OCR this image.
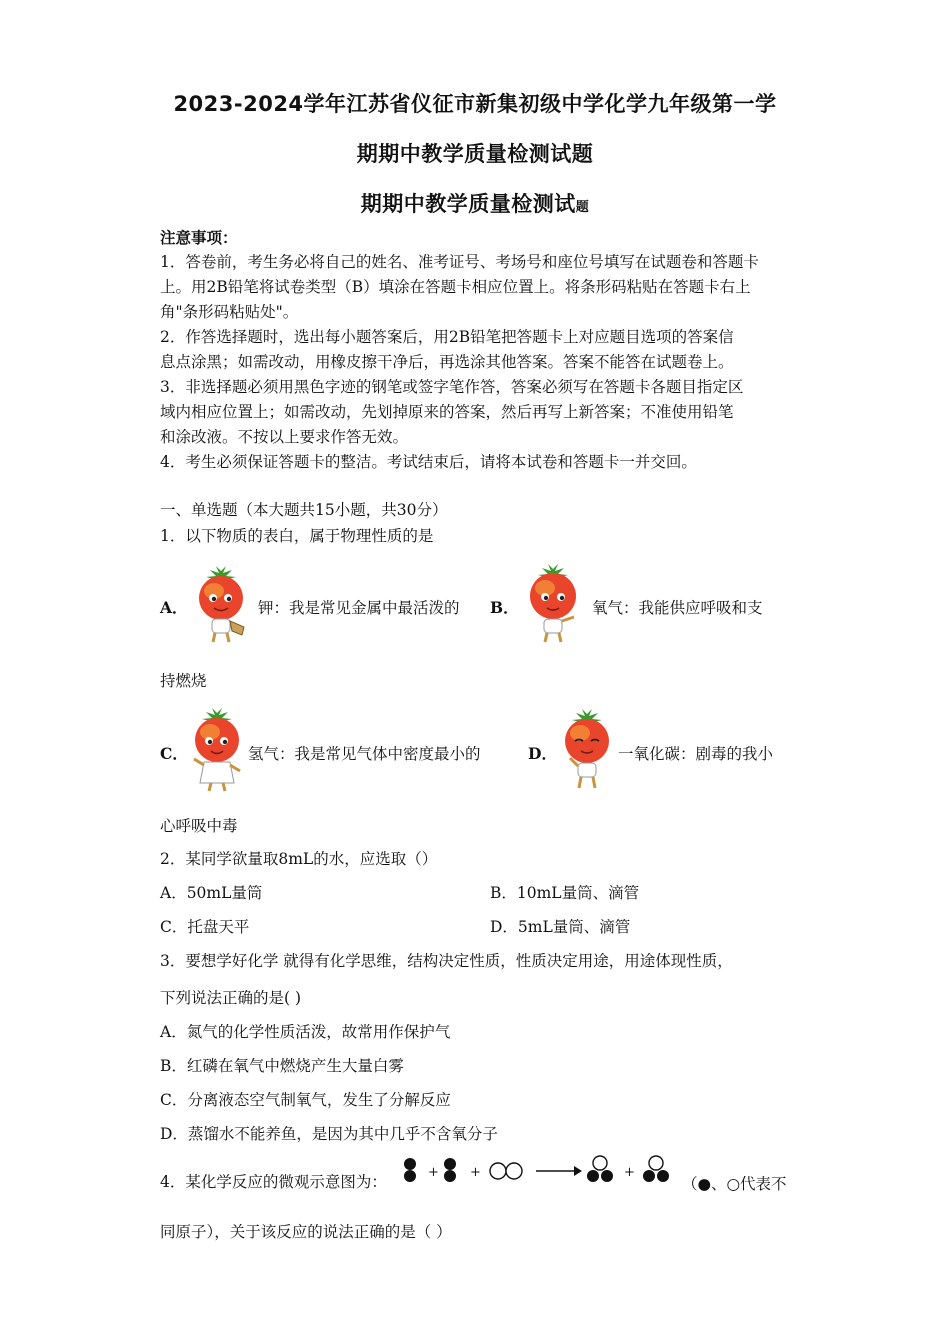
2023-2024学年江苏省仪征市新集初级中学化学九年级第一学
期期中教学质量检测试题
期期中教学质量检测试题
注意事项：
1．答卷前，考生务必将自己的姓名、准考证号、考场号和座位号填写在试题卷和答题卡
上。用2B铅笔将试卷类型（B）填涂在答题卡相应位置上。将条形码粘贴在答题卡右上
角"条形码粘贴处"。
2．作答选择题时，选出每小题答案后，用2B铅笔把答题卡上对应题目选项的答案信
息点涂黑；如需改动，用橡皮擦干净后，再选涂其他答案。答案不能答在试题卷上。
3．非选择题必须用黑色字迹的钢笔或签字笔作答，答案必须写在答题卡各题目指定区
域内相应位置上；如需改动，先划掉原来的答案，然后再写上新答案；不准使用铅笔
和涂改液。不按以上要求作答无效。
4．考生必须保证答题卡的整洁。考试结束后，请将本试卷和答题卡一并交回。
一、单选题（本大题共15小题，共30分）
1．以下物质的表白，属于物理性质的是
A．	钾：我是常见金属中最活泼的 B．	氧气：我能供应呼吸和支
持燃烧
C．	氢气：我是常见气体中密度最小的	D．	一氧化碳：剧毒的我小
心呼吸中毒
2．某同学欲量取8mL的水，应选取（）
A．50mL量筒	B．10mL量筒、滴管
C．托盘天平	D．5mL量筒、滴管
3．要想学好化学 就得有化学思维，结构决定性质，性质决定用途，用途体现性质，
下列说法正确的是( )
A．氮气的化学性质活泼，故常用作保护气
B．红磷在氧气中燃烧产生大量白雾
C．分离液态空气制氧气，发生了分解反应
D．蒸馏水不能养鱼，是因为其中几乎不含氧分子
4．某化学反应的微观示意图为：
+ +	+
（●、○代表不
同原子），关于该反应的说法正确的是（ ）
